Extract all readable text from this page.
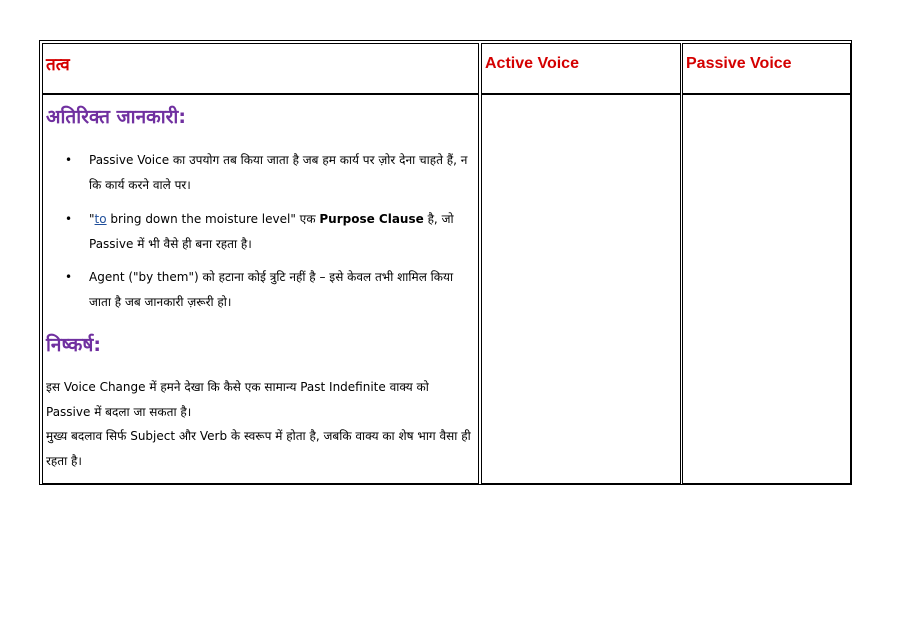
तत्व	Active Voice	Passive Voice
अतिरिक्त जानकारी:
• Passive Voice का उपयोग तब किया जाता है जब हम कार्य पर ज़ोर देना चाहते हैं, न कि कार्य करने वाले पर।
• "to bring down the moisture level" एक Purpose Clause है, जो Passive में भी वैसे ही बना रहता है।
• Agent ("by them") को हटाना कोई त्रुटि नहीं है – इसे केवल तभी शामिल किया जाता है जब जानकारी ज़रूरी हो।
निष्कर्ष:
इस Voice Change में हमने देखा कि कैसे एक सामान्य Past Indefinite वाक्य को Passive में बदला जा सकता है।
मुख्य बदलाव सिर्फ Subject और Verb के स्वरूप में होता है, जबकि वाक्य का शेष भाग वैसा ही रहता है।
